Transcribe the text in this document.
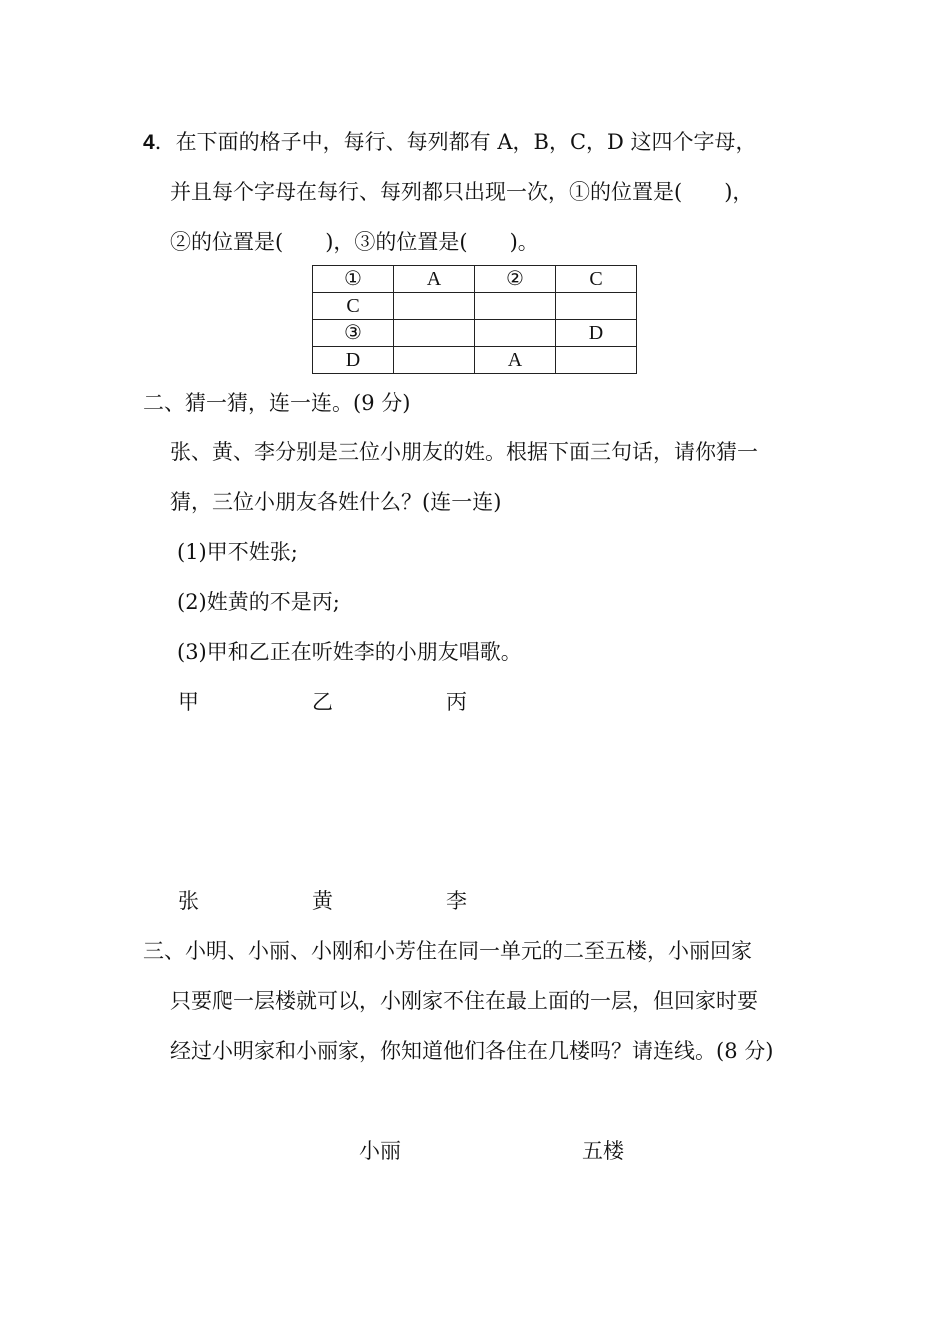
4．在下面的格子中，每行、每列都有 A，B，C，D 这四个字母，
并且每个字母在每行、每列都只出现一次，①的位置是(　　)，
②的位置是(　　)，③的位置是(　　)。
①	A	②	C
C			
③			D
D		A	
二、猜一猜，连一连。(9 分)
张、黄、李分别是三位小朋友的姓。根据下面三句话，请你猜一
猜，三位小朋友各姓什么？(连一连)
(1)甲不姓张;
(2)姓黄的不是丙;
(3)甲和乙正在听姓李的小朋友唱歌。
甲	乙	丙
张	黄	李
三、小明、小丽、小刚和小芳住在同一单元的二至五楼，小丽回家
只要爬一层楼就可以，小刚家不住在最上面的一层，但回家时要
经过小明家和小丽家，你知道他们各住在几楼吗？请连线。(8 分)
小丽	五楼
